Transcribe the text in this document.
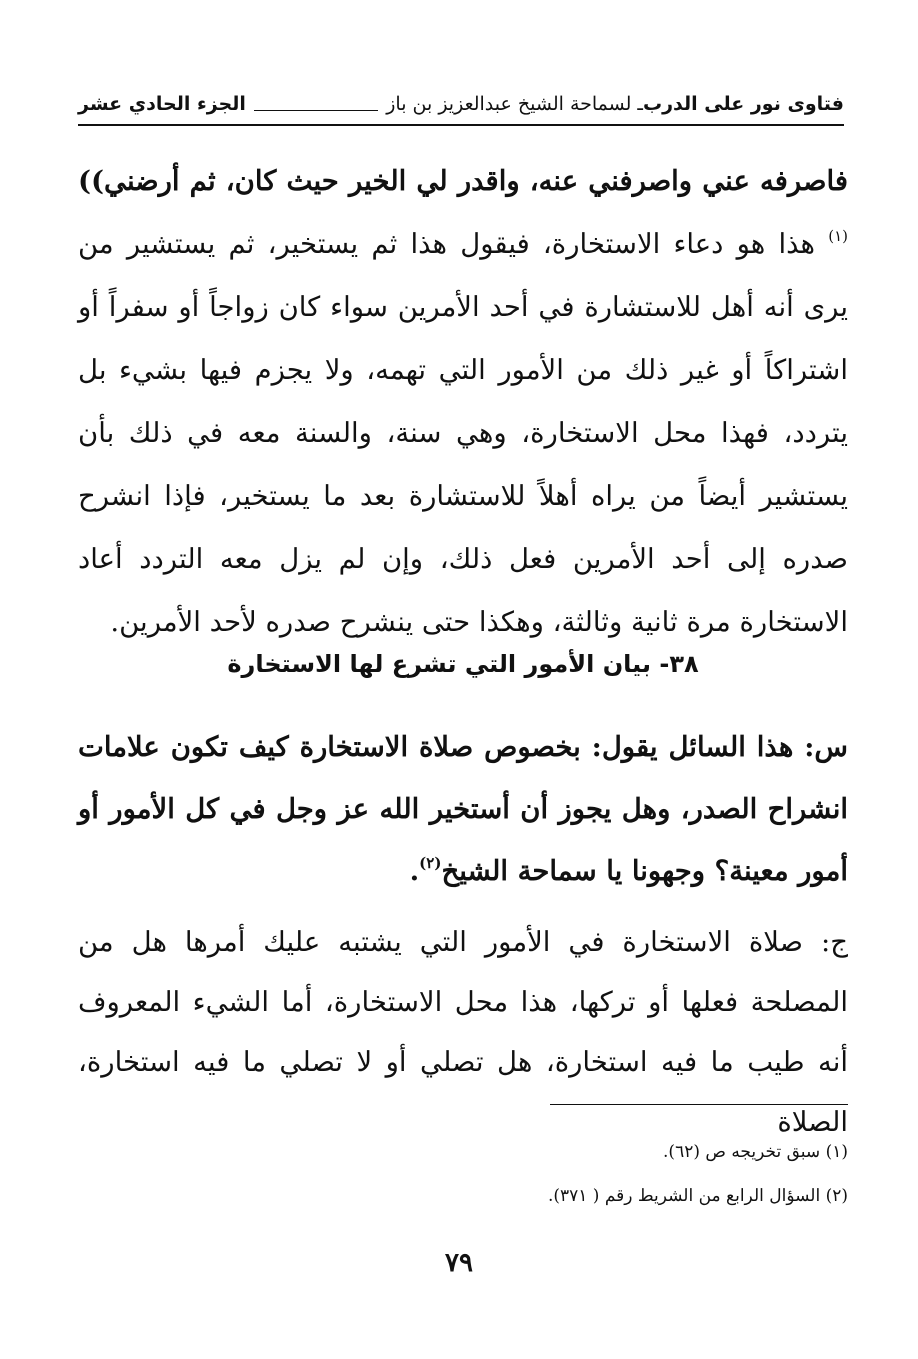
فتاوى نور على الدرب
ـ لسماحة الشيخ عبدالعزيز بن باز
الجزء الحادي عشر

فاصرفه عني واصرفني عنه، واقدر لي الخير حيث كان، ثم أرضني))$^{(١)}$ هذا هو دعاء الاستخارة، فيقول هذا ثم يستخير، ثم يستشير من يرى أنه أهل للاستشارة في أحد الأمرين سواء كان زواجاً أو سفراً أو اشتراكاً أو غير ذلك من الأمور التي تهمه، ولا يجزم فيها بشيء بل يتردد، فهذا محل الاستخارة، وهي سنة، والسنة معه في ذلك بأن يستشير أيضاً من يراه أهلاً للاستشارة بعد ما يستخير، فإذا انشرح صدره إلى أحد الأمرين فعل ذلك، وإن لم يزل معه التردد أعاد الاستخارة مرة ثانية وثالثة، وهكذا حتى ينشرح صدره لأحد الأمرين.

٣٨- بيان الأمور التي تشرع لها الاستخارة
س: هذا السائل يقول: بخصوص صلاة الاستخارة كيف تكون علامات انشراح الصدر، وهل يجوز أن أستخير الله عز وجل في كل الأمور أو أمور معينة؟ وجهونا يا سماحة الشيخ$^{(٢)}$.
ج: صلاة الاستخارة في الأمور التي يشتبه عليك أمرها هل من المصلحة فعلها أو تركها، هذا محل الاستخارة، أما الشيء المعروف أنه طيب ما فيه استخارة، هل تصلي أو لا تصلي ما فيه استخارة، الصلاة
(١) سبق تخريجه ص (٦٢).
(٢) السؤال الرابع من الشريط رقم ( ٣٧١).
٧٩
